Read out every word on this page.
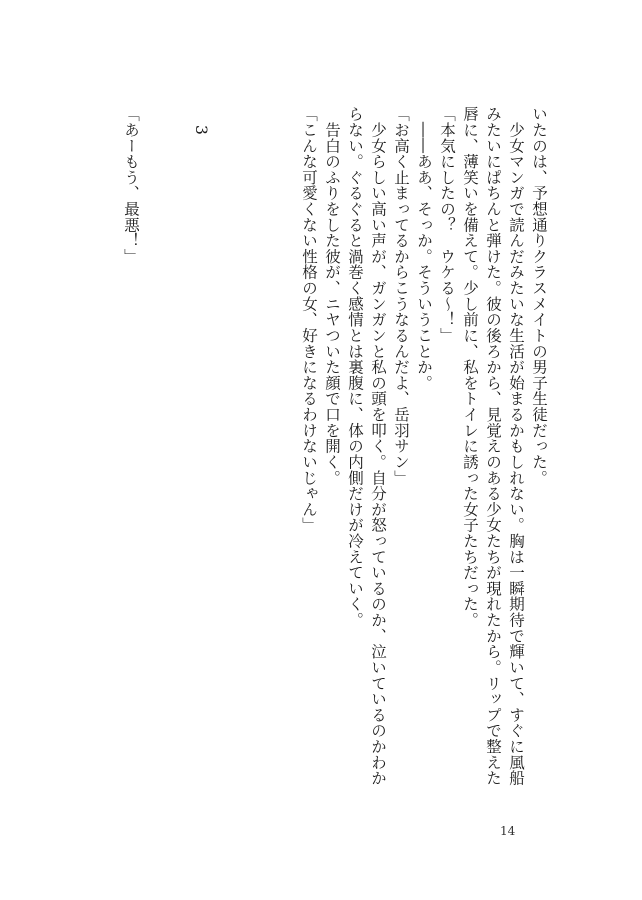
いたのは、予想通りクラスメイトの男子生徒だった。
　少女マンガで読んだみたいな生活が始まるかもしれない。胸は一瞬期待で輝いて、すぐに風船
みたいにぱちんと弾けた。彼の後ろから、見覚えのある少女たちが現れたから。リップで整えた
唇に、薄笑いを備えて。少し前に、私をトイレに誘った女子たちだった。
「本気にしたの？　ウケる～！」
　――ああ、そっか。そういうことか。
「お高く止まってるからこうなるんだよ、岳羽サン」
　少女らしい高い声が、ガンガンと私の頭を叩く。自分が怒っているのか、泣いているのかわか
らない。ぐるぐると渦巻く感情とは裏腹に、体の内側だけが冷えていく。
　告白のふりをした彼が、ニヤついた顔で口を開く。
「こんな可愛くない性格の女、好きになるわけないじゃん」
3
「あーもう、最悪！」
14
